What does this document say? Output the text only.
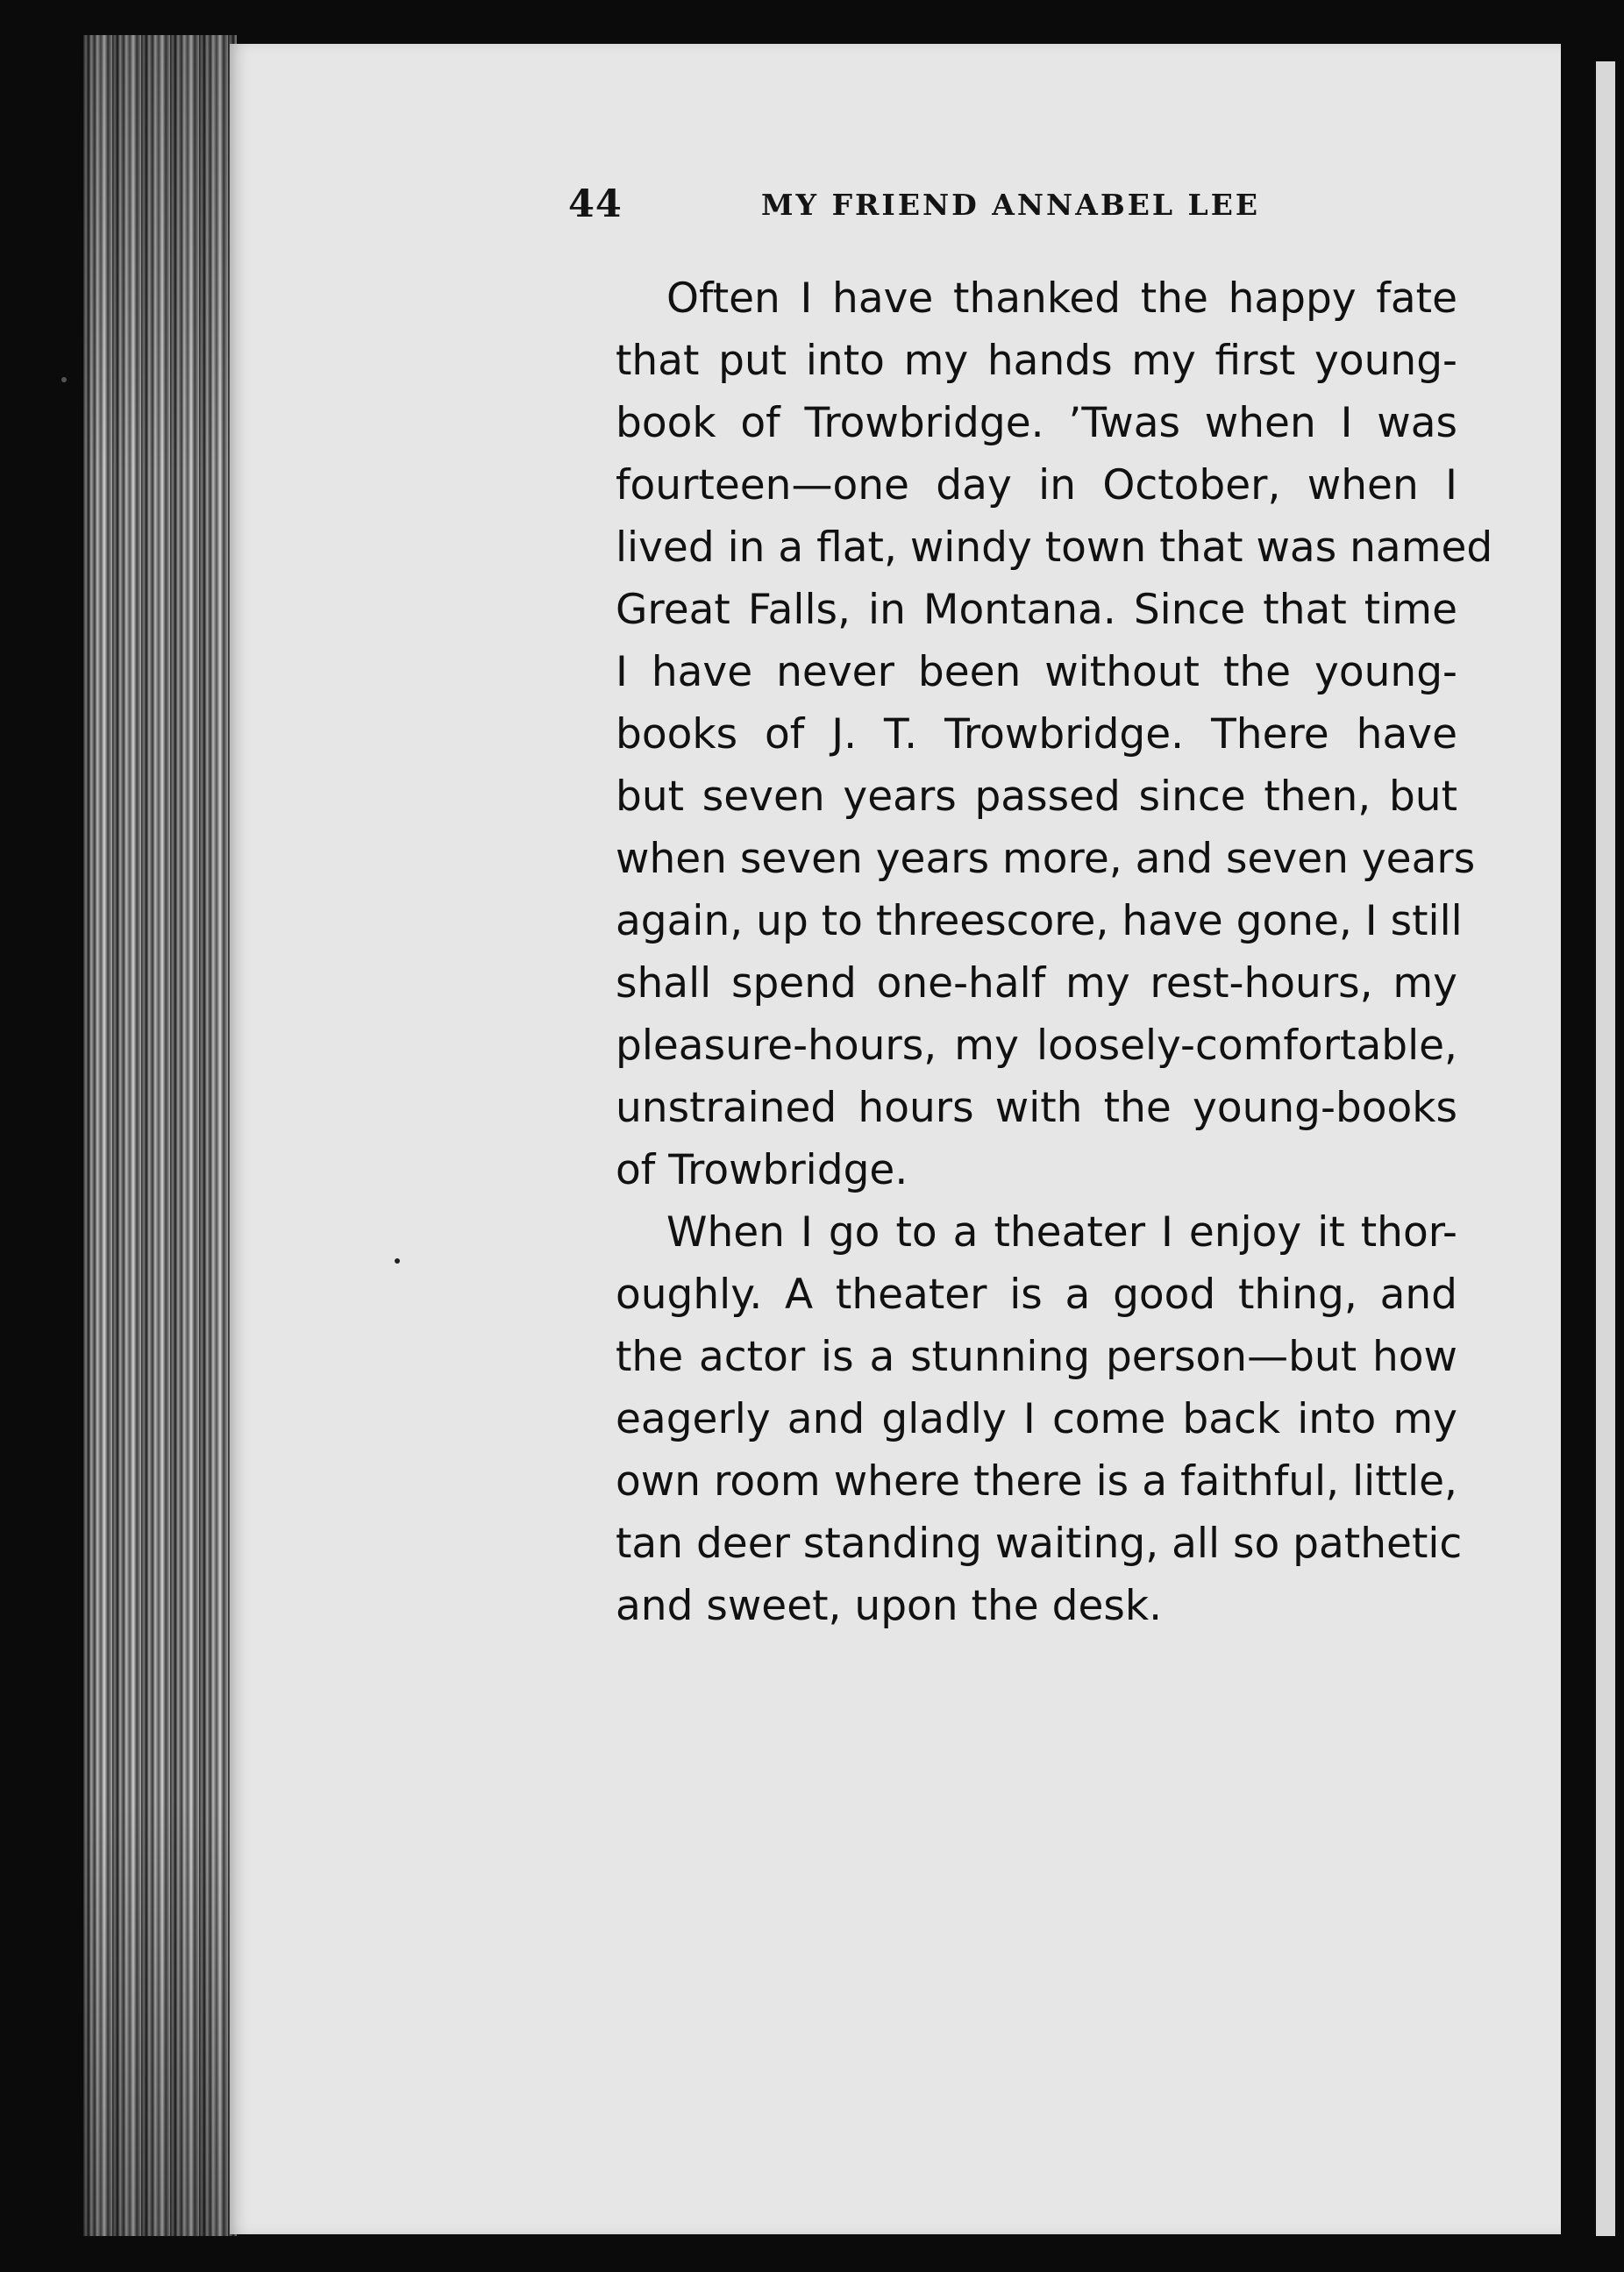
44	MY FRIEND ANNABEL LEE

Often I have thanked the happy fate
that put into my hands my first young-
book of Trowbridge. ’Twas when I was
fourteen—one day in October, when I
lived in a flat, windy town that was named
Great Falls, in Montana. Since that time
I have never been without the young-
books of J. T. Trowbridge. There have
but seven years passed since then, but
when seven years more, and seven years
again, up to threescore, have gone, I still
shall spend one-half my rest-hours, my
pleasure-hours, my loosely-comfortable,
unstrained hours with the young-books
of Trowbridge.

When I go to a theater I enjoy it thor-
oughly. A theater is a good thing, and
the actor is a stunning person—but how
eagerly and gladly I come back into my
own room where there is a faithful, little,
tan deer standing waiting, all so pathetic
and sweet, upon the desk.
